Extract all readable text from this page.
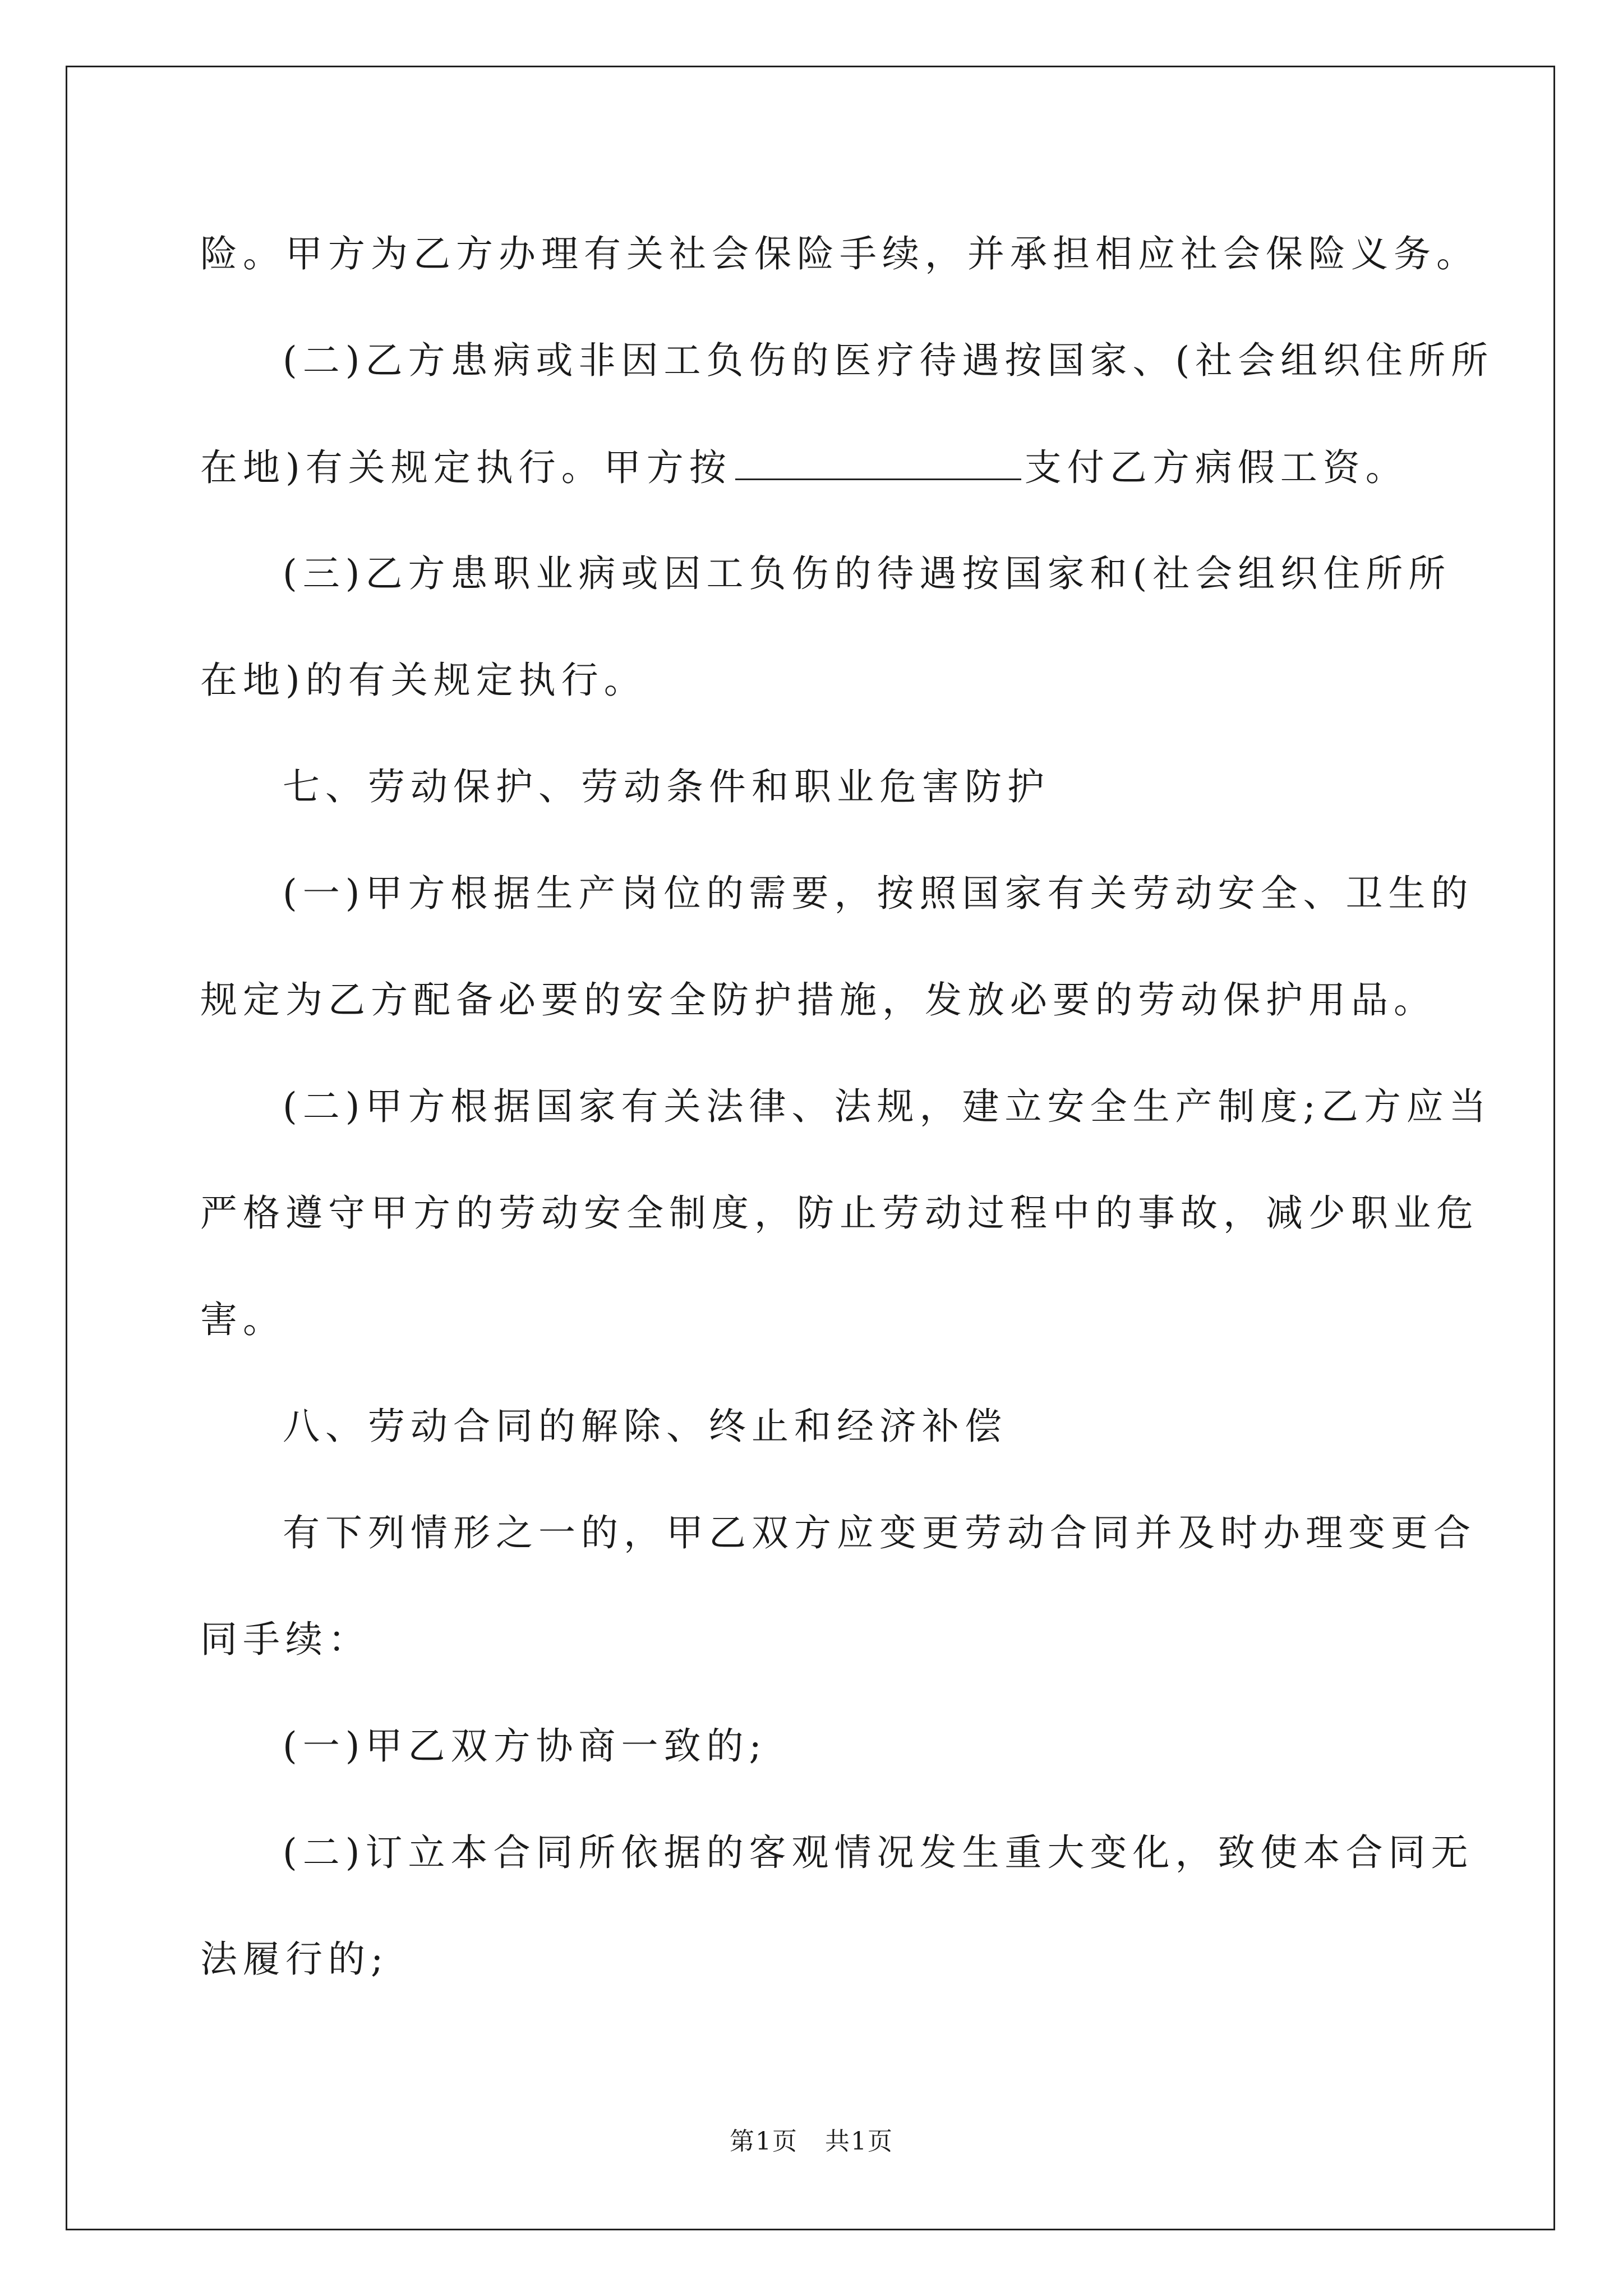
险。甲方为乙方办理有关社会保险手续，并承担相应社会保险义务。
(二)乙方患病或非因工负伤的医疗待遇按国家、(社会组织住所所
在地)有关规定执行。甲方按	支付乙方病假工资。
(三)乙方患职业病或因工负伤的待遇按国家和(社会组织住所所
在地)的有关规定执行。
七、劳动保护、劳动条件和职业危害防护
(一)甲方根据生产岗位的需要，按照国家有关劳动安全、卫生的
规定为乙方配备必要的安全防护措施，发放必要的劳动保护用品。
(二)甲方根据国家有关法律、法规，建立安全生产制度;乙方应当
严格遵守甲方的劳动安全制度，防止劳动过程中的事故，减少职业危
害。
八、劳动合同的解除、终止和经济补偿
有下列情形之一的，甲乙双方应变更劳动合同并及时办理变更合
同手续：
(一)甲乙双方协商一致的;
(二)订立本合同所依据的客观情况发生重大变化，致使本合同无
法履行的;
第1页 共1页
